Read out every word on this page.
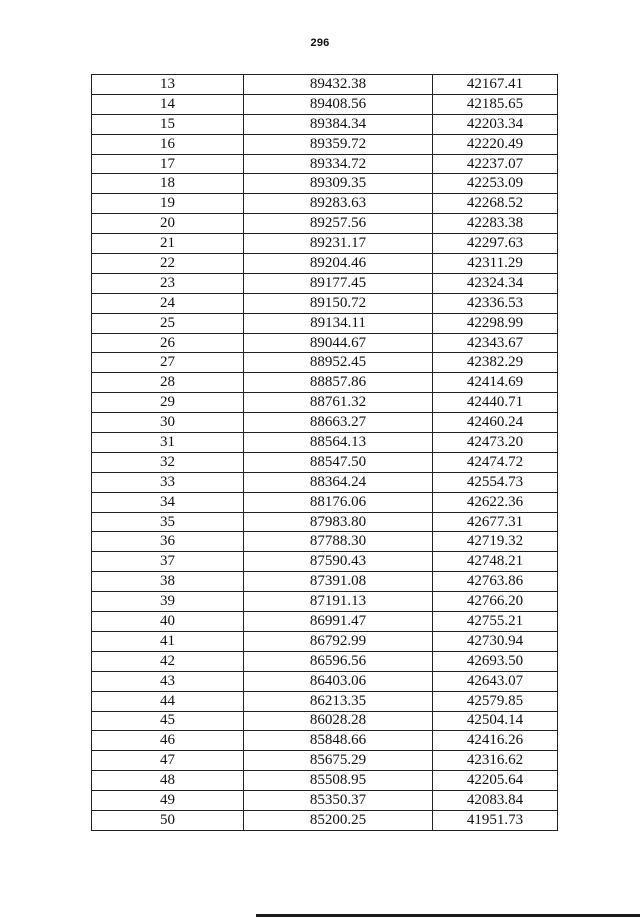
296
13	89432.38	42167.41
14	89408.56	42185.65
15	89384.34	42203.34
16	89359.72	42220.49
17	89334.72	42237.07
18	89309.35	42253.09
19	89283.63	42268.52
20	89257.56	42283.38
21	89231.17	42297.63
22	89204.46	42311.29
23	89177.45	42324.34
24	89150.72	42336.53
25	89134.11	42298.99
26	89044.67	42343.67
27	88952.45	42382.29
28	88857.86	42414.69
29	88761.32	42440.71
30	88663.27	42460.24
31	88564.13	42473.20
32	88547.50	42474.72
33	88364.24	42554.73
34	88176.06	42622.36
35	87983.80	42677.31
36	87788.30	42719.32
37	87590.43	42748.21
38	87391.08	42763.86
39	87191.13	42766.20
40	86991.47	42755.21
41	86792.99	42730.94
42	86596.56	42693.50
43	86403.06	42643.07
44	86213.35	42579.85
45	86028.28	42504.14
46	85848.66	42416.26
47	85675.29	42316.62
48	85508.95	42205.64
49	85350.37	42083.84
50	85200.25	41951.73
